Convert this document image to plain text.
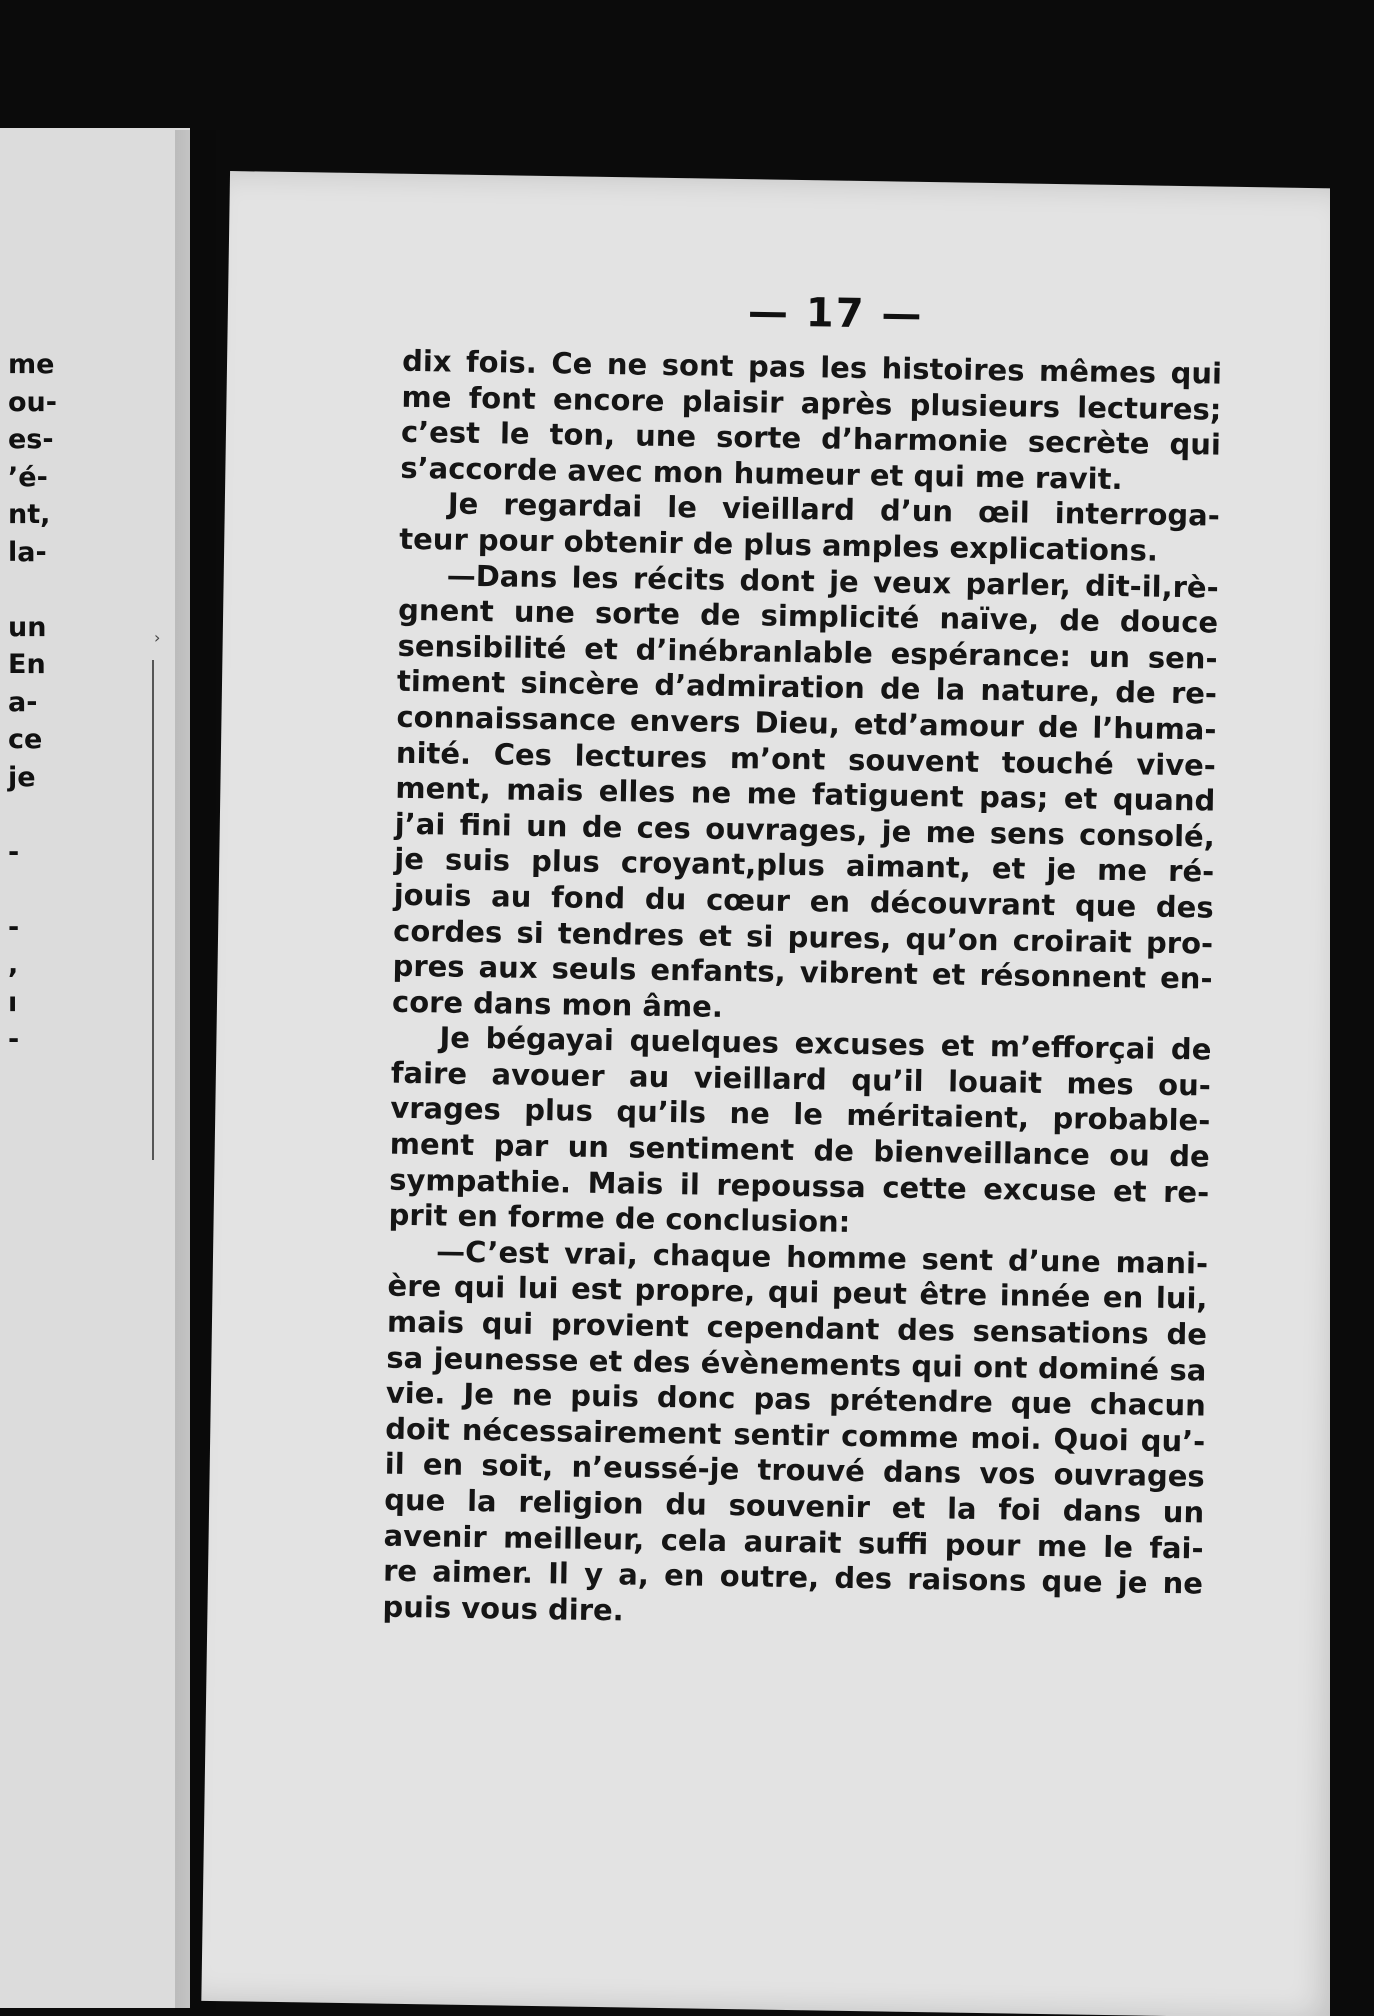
me
ou-
es-
’é-
nt,
la-
un
En
a-
ce
je
-
-
,
ı
-
›
— 17 —
dix fois. Ce ne sont pas les histoires mêmes qui
me font encore plaisir après plusieurs lectures;
c’est le ton, une sorte d’harmonie secrète qui
s’accorde avec mon humeur et qui me ravit.
Je regardai le vieillard d’un œil interroga-
teur pour obtenir de plus amples explications.
—Dans les récits dont je veux parler, dit-il,rè-
gnent une sorte de simplicité naïve, de douce
sensibilité et d’inébranlable espérance: un sen-
timent sincère d’admiration de la nature, de re-
connaissance envers Dieu, etd’amour de l’huma-
nité. Ces lectures m’ont souvent touché vive-
ment, mais elles ne me fatiguent pas; et quand
j’ai fini un de ces ouvrages, je me sens consolé,
je suis plus croyant,plus aimant, et je me ré-
jouis au fond du cœur en découvrant que des
cordes si tendres et si pures, qu’on croirait pro-
pres aux seuls enfants, vibrent et résonnent en-
core dans mon âme.
Je bégayai quelques excuses et m’efforçai de
faire avouer au vieillard qu’il louait mes ou-
vrages plus qu’ils ne le méritaient, probable-
ment par un sentiment de bienveillance ou de
sympathie. Mais il repoussa cette excuse et re-
prit en forme de conclusion:
—C’est vrai, chaque homme sent d’une mani-
ère qui lui est propre, qui peut être innée en lui,
mais qui provient cependant des sensations de
sa jeunesse et des évènements qui ont dominé sa
vie. Je ne puis donc pas prétendre que chacun
doit nécessairement sentir comme moi. Quoi qu’-
il en soit, n’eussé-je trouvé dans vos ouvrages
que la religion du souvenir et la foi dans un
avenir meilleur, cela aurait suffi pour me le fai-
re aimer. Il y a, en outre, des raisons que je ne
puis vous dire.
